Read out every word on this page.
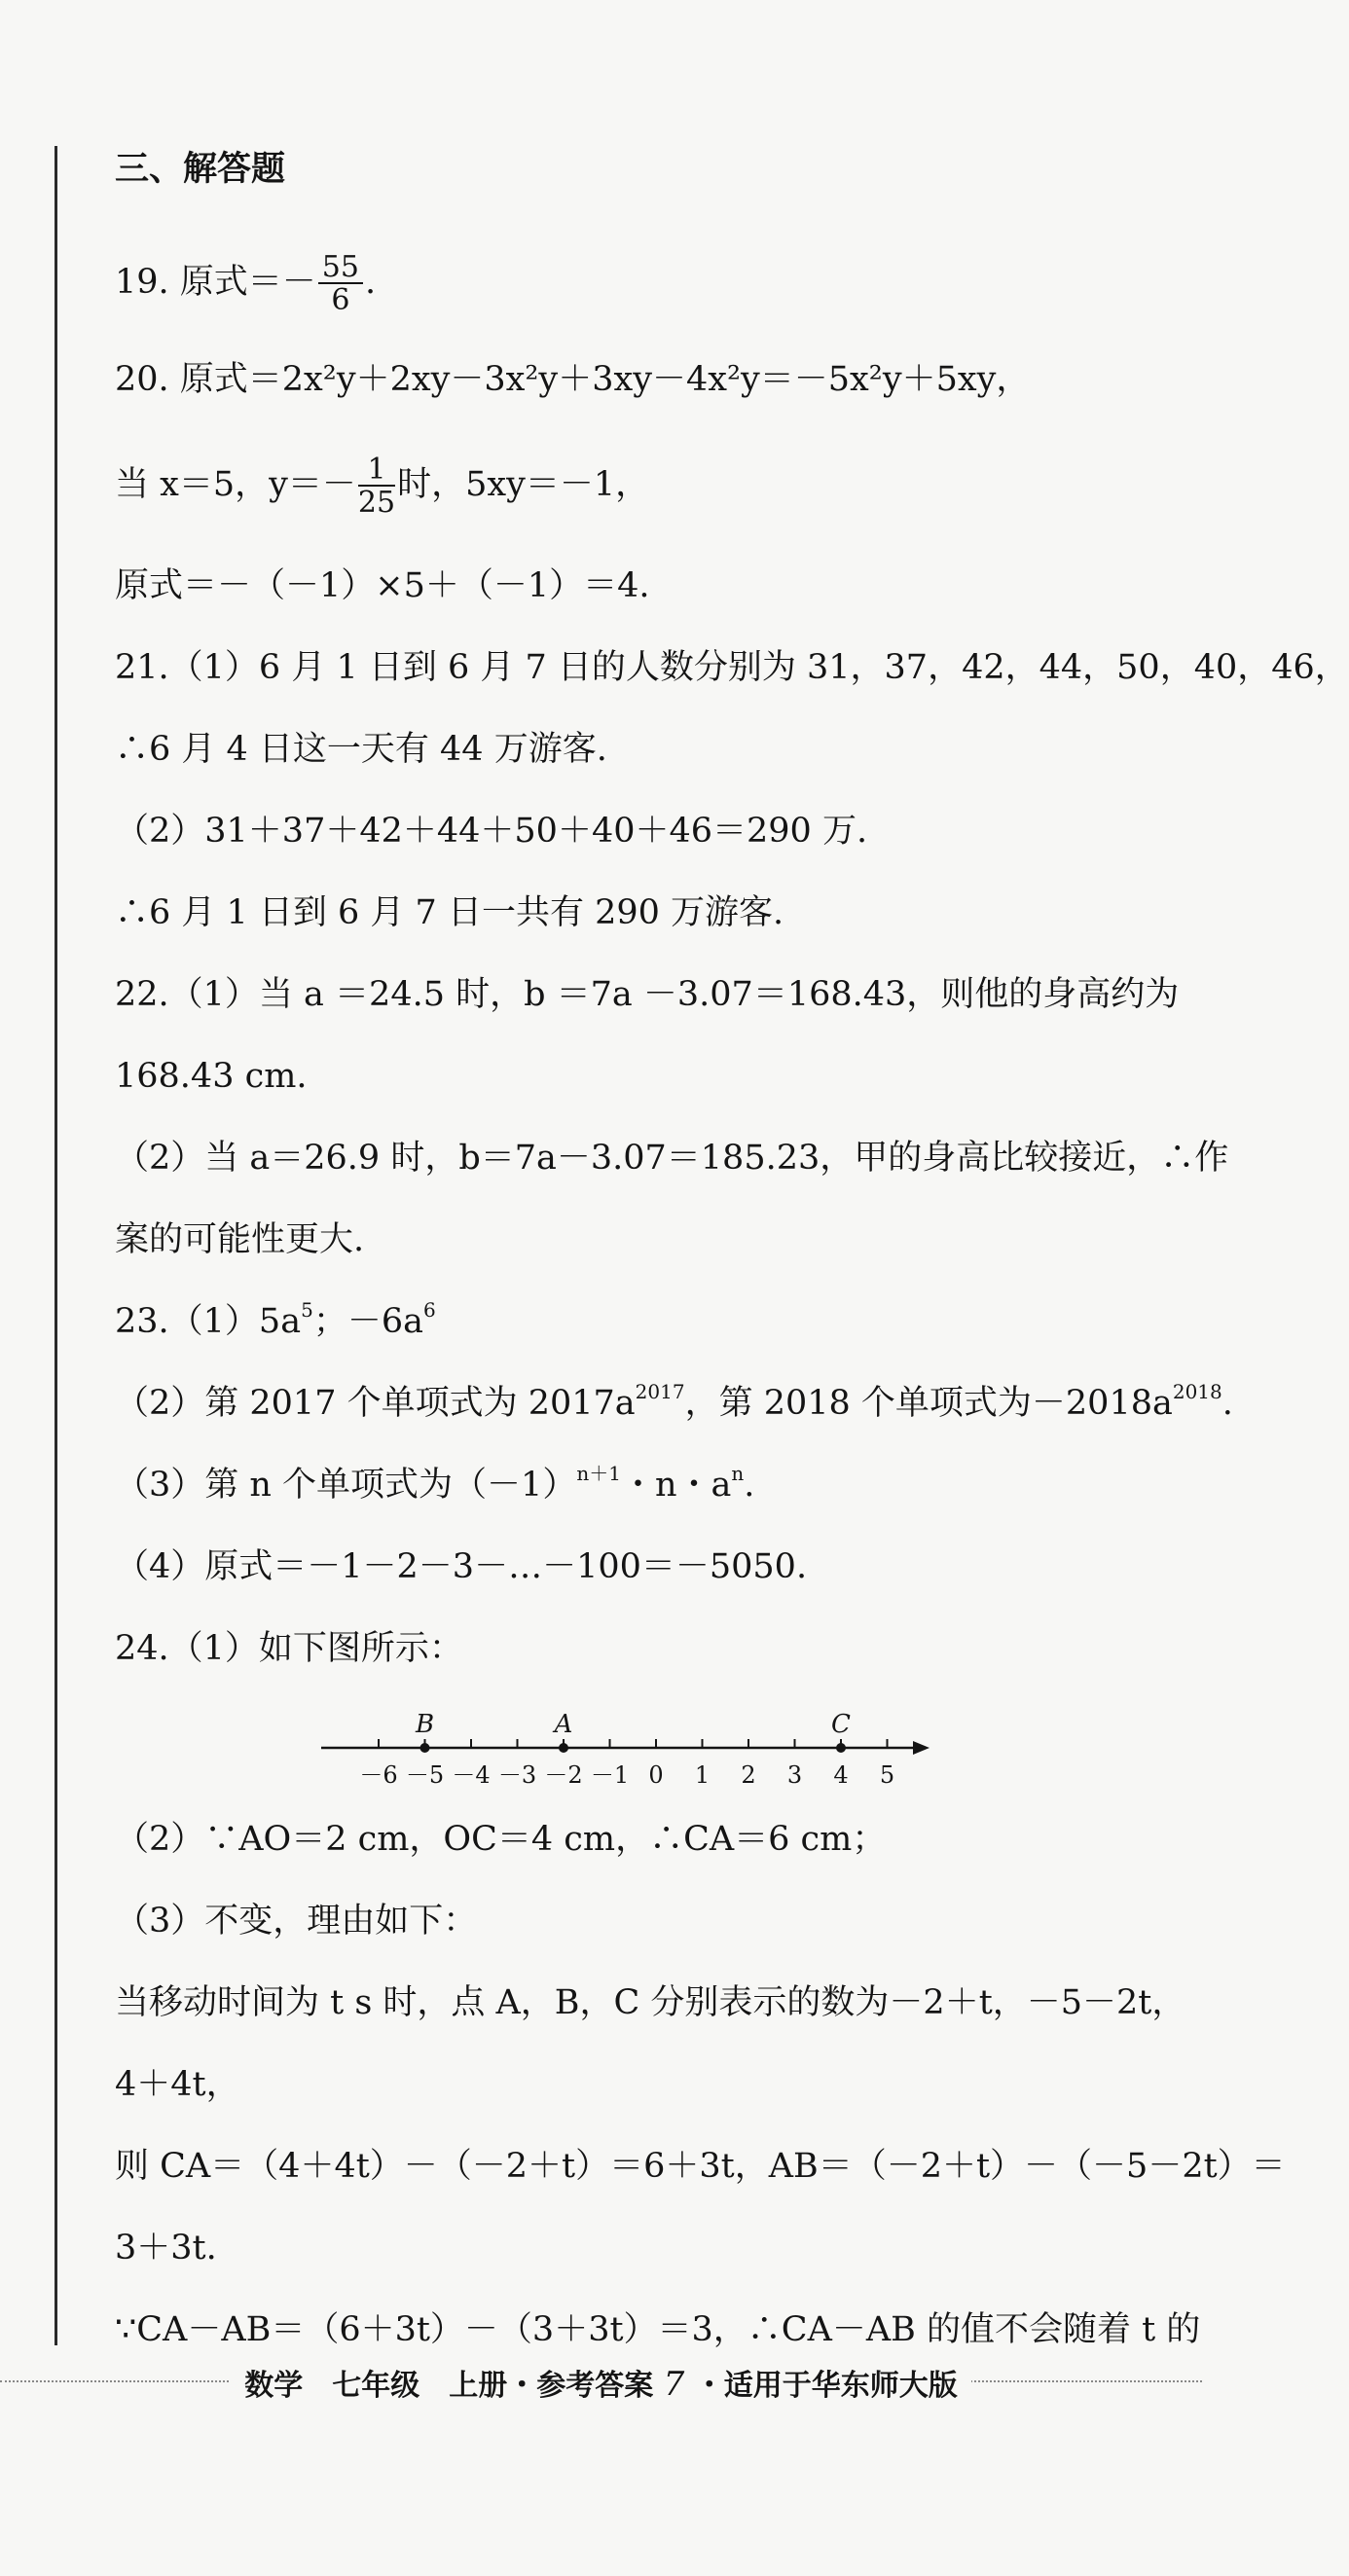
三、解答题
19. 原式＝－ $\frac{55}{6}$ .
20. 原式＝2x²y＋2xy－3x²y＋3xy－4x²y＝－5x²y＋5xy，
当 x＝5，$y=- \frac{1}{25}$ 时，5xy＝－1，
原式＝－（－1）×5＋（－1）＝4.
21.（1）6 月 1 日到 6 月 7 日的人数分别为 31，37，42，44，50，40，46，
∴6 月 4 日这一天有 44 万游客.
（2）31＋37＋42＋44＋50＋40＋46＝290 万.
∴6 月 1 日到 6 月 7 日一共有 290 万游客.
22.（1）当 a ＝24.5 时，b ＝7a －3.07＝168.43，则他的身高约为
168.43 cm.
（2）当 a＝26.9 时，b＝7a－3.07＝185.23，甲的身高比较接近，∴作
案的可能性更大.
$23.(1)5a^5$；$-6a^6$
（2）第 2017 个单项式为 $2017a^{2017}$，第 2018 个单项式为$-2018a^{2018}$.
（3）第 n 个单项式为$(-1)^{n+1}$・n・$a^n$.
（4）原式＝－1－2－3－…－100＝－5050.
24.（1）如下图所示：
－6 －5 －4 －3 －2 －1 0 1 2 3 4 5
B	A	C
（2）∵AO＝2 cm，OC＝4 cm，∴CA＝6 cm；
（3）不变，理由如下：
当移动时间为 t s 时，点 A，B，C 分别表示的数为－2＋t，－5－2t，
4＋4t，
则 CA＝（4＋4t）－（－2＋t）＝6＋3t，AB＝（－2＋t）－（－5－2t）＝
3＋3t.
∵CA－AB＝（6＋3t）－（3＋3t）＝3，∴CA－AB 的值不会随着 t 的
数学　七年级　上册・参考答案 7 ・适用于华东师大版
